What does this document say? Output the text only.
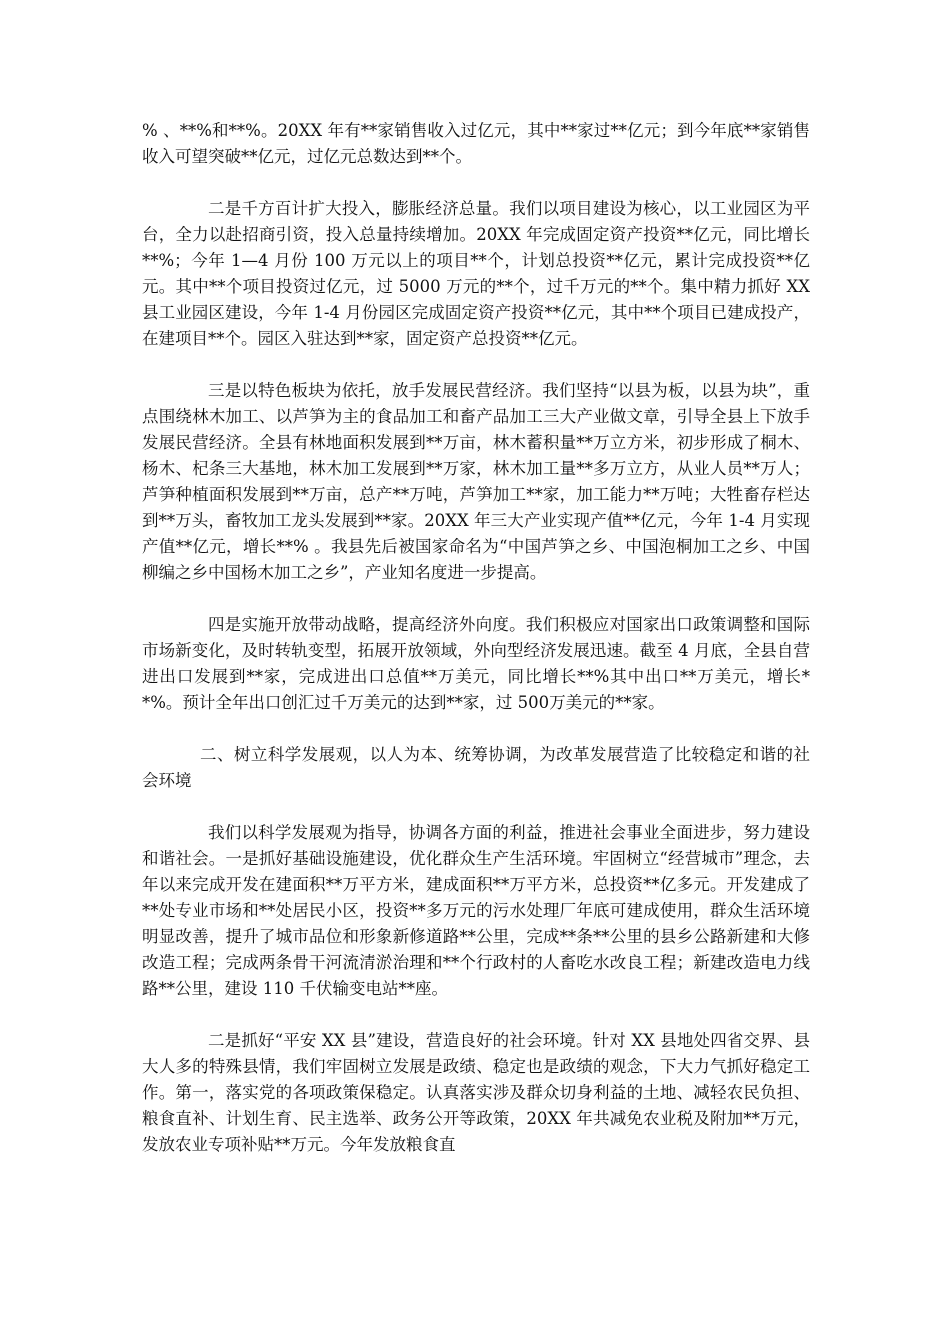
% 、**%和**%。20XX 年有**家销售收入过亿元，其中**家过**亿元；到今年底**家销售收入可望突破**亿元，过亿元总数达到**个。

二是千方百计扩大投入，膨胀经济总量。我们以项目建设为核心，以工业园区为平台，全力以赴招商引资，投入总量持续增加。20XX 年完成固定资产投资**亿元，同比增长**%；今年 1—4 月份 100 万元以上的项目**个，计划总投资**亿元，累计完成投资**亿元。其中**个项目投资过亿元，过 5000 万元的**个，过千万元的**个。集中精力抓好 XX 县工业园区建设，今年 1-4 月份园区完成固定资产投资**亿元，其中**个项目已建成投产，在建项目**个。园区入驻达到**家，固定资产总投资**亿元。

三是以特色板块为依托，放手发展民营经济。我们坚持“以县为板，以县为块”，重点围绕林木加工、以芦笋为主的食品加工和畜产品加工三大产业做文章，引导全县上下放手发展民营经济。全县有林地面积发展到**万亩，林木蓄积量**万立方米，初步形成了桐木、杨木、杞条三大基地，林木加工发展到**万家，林木加工量**多万立方，从业人员**万人；芦笋种植面积发展到**万亩，总产**万吨，芦笋加工**家，加工能力**万吨；大牲畜存栏达到**万头，畜牧加工龙头发展到**家。20XX 年三大产业实现产值**亿元，今年 1-4 月实现产值**亿元，增长**% 。我县先后被国家命名为“中国芦笋之乡、中国泡桐加工之乡、中国柳编之乡中国杨木加工之乡”，产业知名度进一步提高。

四是实施开放带动战略，提高经济外向度。我们积极应对国家出口政策调整和国际市场新变化，及时转轨变型，拓展开放领域，外向型经济发展迅速。截至 4 月底，全县自营进出口发展到**家，完成进出口总值**万美元，同比增长**%其中出口**万美元，增长**%。预计全年出口创汇过千万美元的达到**家，过 500万美元的**家。

二、树立科学发展观，以人为本、统筹协调，为改革发展营造了比较稳定和谐的社会环境

我们以科学发展观为指导，协调各方面的利益，推进社会事业全面进步，努力建设和谐社会。一是抓好基础设施建设，优化群众生产生活环境。牢固树立“经营城市”理念，去年以来完成开发在建面积**万平方米，建成面积**万平方米，总投资**亿多元。开发建成了**处专业市场和**处居民小区，投资**多万元的污水处理厂年底可建成使用，群众生活环境明显改善，提升了城市品位和形象新修道路**公里，完成**条**公里的县乡公路新建和大修改造工程；完成两条骨干河流清淤治理和**个行政村的人畜吃水改良工程；新建改造电力线路**公里，建设 110 千伏输变电站**座。

二是抓好“平安 XX 县”建设，营造良好的社会环境。针对 XX 县地处四省交界、县大人多的特殊县情，我们牢固树立发展是政绩、稳定也是政绩的观念，下大力气抓好稳定工作。第一，落实党的各项政策保稳定。认真落实涉及群众切身利益的土地、减轻农民负担、粮食直补、计划生育、民主选举、政务公开等政策，20XX 年共减免农业税及附加**万元，发放农业专项补贴**万元。今年发放粮食直
